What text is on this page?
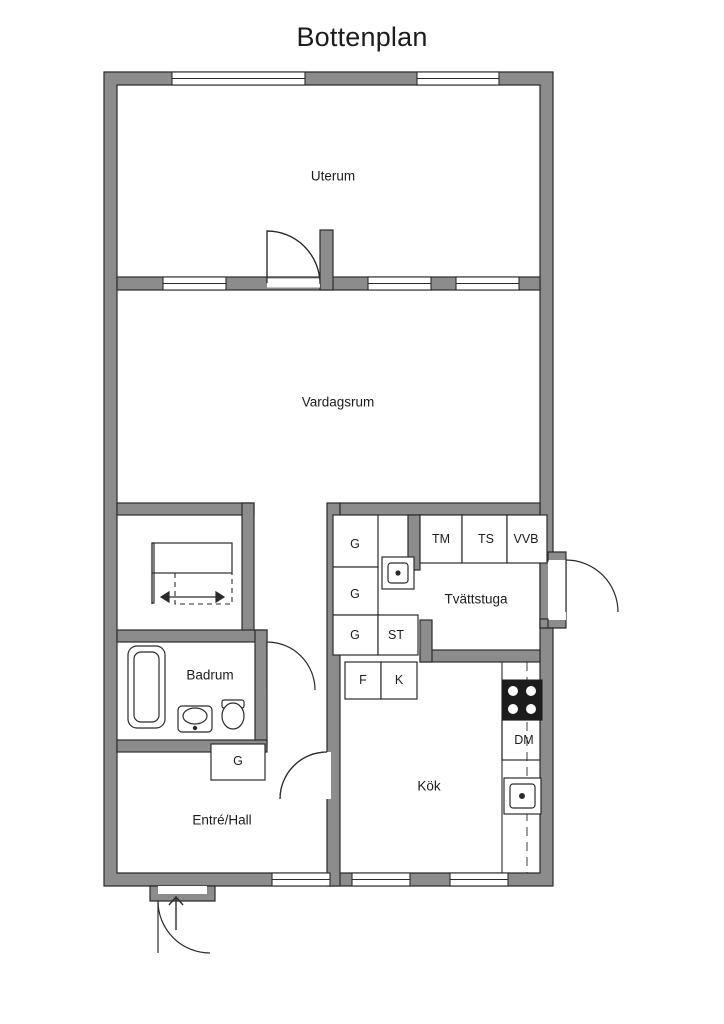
Bottenplan
Uterum
Vardagsrum
Badrum
Entré/Hall
Kök
Tvättstuga
G
G
G
TM TS VVB
ST
F K
DM
G
